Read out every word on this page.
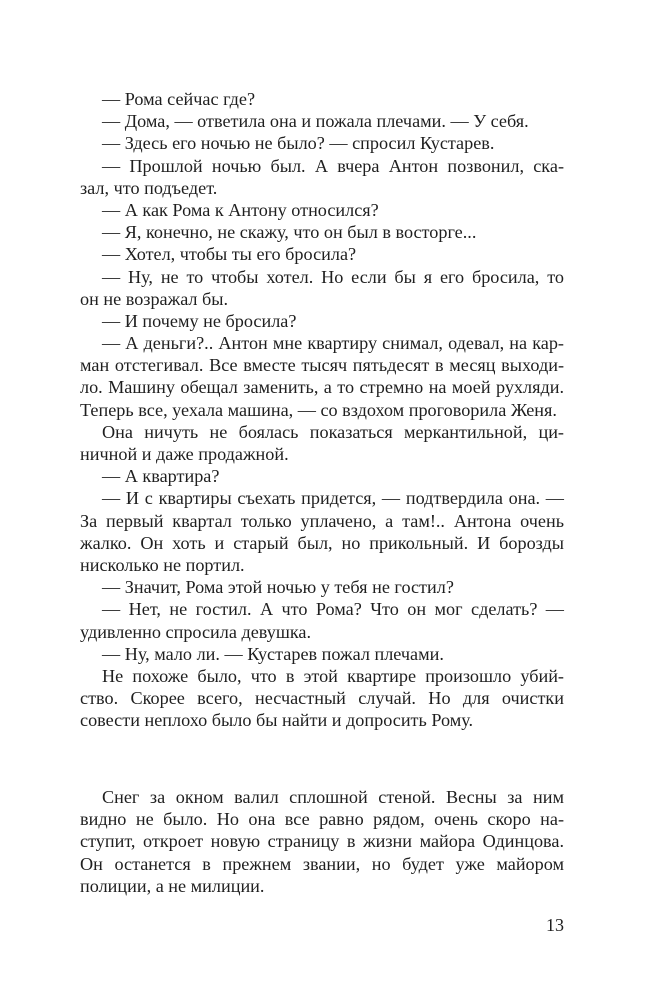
— Рома сейчас где?
— Дома, — ответила она и пожала плечами. — У себя.
— Здесь его ночью не было? — спросил Кустарев.
— Прошлой ночью был. А вчера Антон позвонил, ска-
зал, что подъедет.
— А как Рома к Антону относился?
— Я, конечно, не скажу, что он был в восторге...
— Хотел, чтобы ты его бросила?
— Ну, не то чтобы хотел. Но если бы я его бросила, то
он не возражал бы.
— И почему не бросила?
— А деньги?.. Антон мне квартиру снимал, одевал, на кар-
ман отстегивал. Все вместе тысяч пятьдесят в месяц выходи-
ло. Машину обещал заменить, а то стремно на моей рухляди.
Теперь все, уехала машина, — со вздохом проговорила Женя.
Она ничуть не боялась показаться меркантильной, ци-
ничной и даже продажной.
— А квартира?
— И с квартиры съехать придется, — подтвердила она. —
За первый квартал только уплачено, а там!.. Антона очень
жалко. Он хоть и старый был, но прикольный. И борозды
нисколько не портил.
— Значит, Рома этой ночью у тебя не гостил?
— Нет, не гостил. А что Рома? Что он мог сделать? —
удивленно спросила девушка.
— Ну, мало ли. — Кустарев пожал плечами.
Не похоже было, что в этой квартире произошло убий-
ство. Скорее всего, несчастный случай. Но для очистки
совести неплохо было бы найти и допросить Рому.
Снег за окном валил сплошной стеной. Весны за ним
видно не было. Но она все равно рядом, очень скоро на-
ступит, откроет новую страницу в жизни майора Одинцова.
Он останется в прежнем звании, но будет уже майором
полиции, а не милиции.
13
